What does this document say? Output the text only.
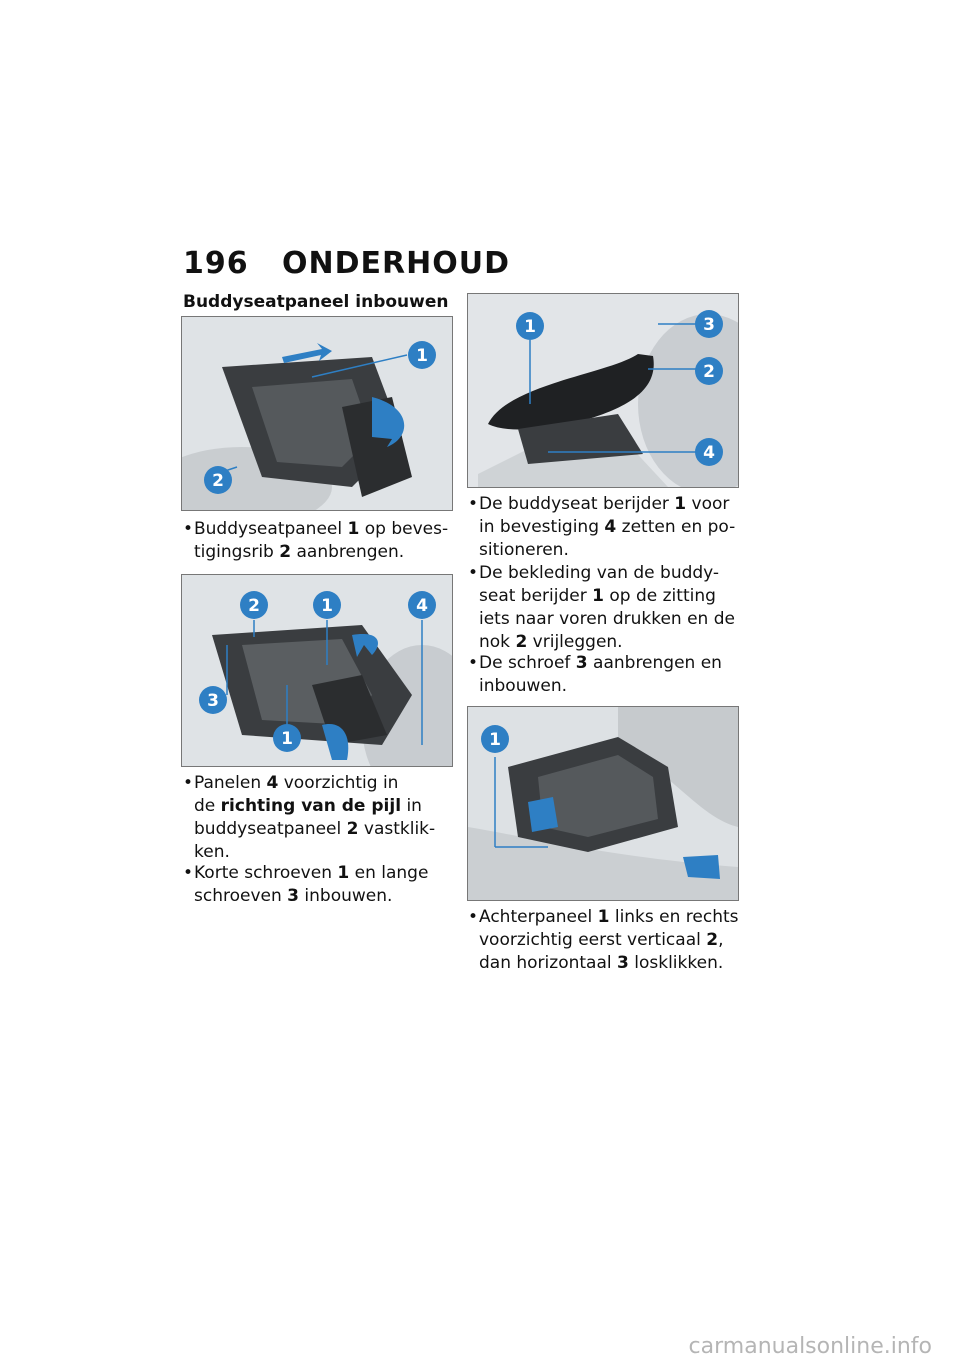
196 ONDERHOUD
Buddyseatpaneel inbouwen
1
2
• Buddyseatpaneel 1 op beves-
tigingsrib 2 aanbrengen.
2	1	4
3
1
• Panelen 4 voorzichtig in
de richting van de pijl in
buddyseatpaneel 2 vastklik-
ken.
• Korte schroeven 1 en lange
schroeven 3 inbouwen.
1	3
2
4
• De buddyseat berijder 1 voor
in bevestiging 4 zetten en po-
sitioneren.
• De bekleding van de buddy-
seat berijder 1 op de zitting
iets naar voren drukken en de
nok 2 vrijleggen.
• De schroef 3 aanbrengen en
inbouwen.
1
• Achterpaneel 1 links en rechts
voorzichtig eerst verticaal 2,
dan horizontaal 3 losklikken.
carmanualsonline.info
